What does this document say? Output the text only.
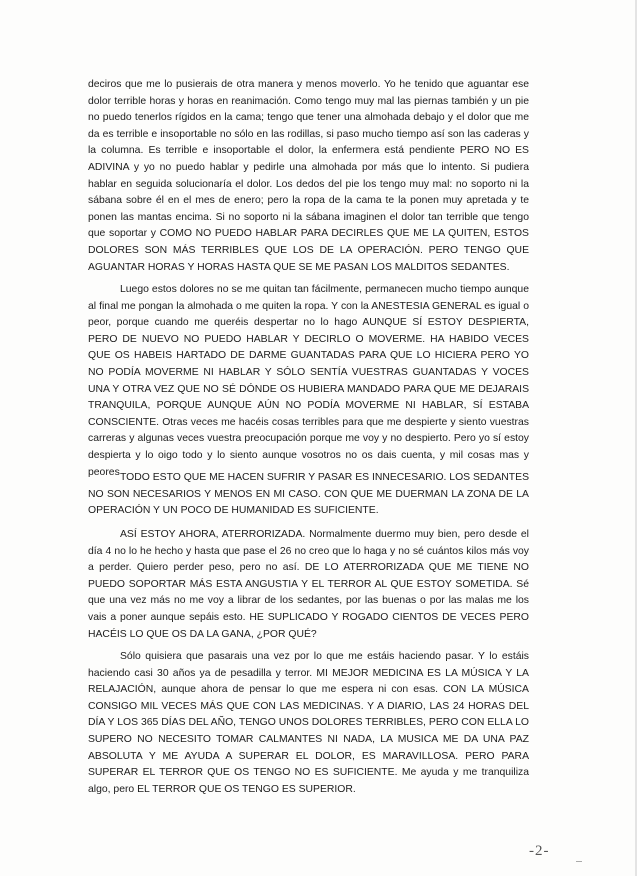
deciros que me lo pusierais de otra manera y menos moverlo. Yo he tenido que aguantar ese dolor terrible horas y horas en reanimación. Como tengo muy mal las piernas también y un pie no puedo tenerlos rígidos en la cama; tengo que tener una almohada debajo y el dolor que me da es terrible e insoportable no sólo en las rodillas, si paso mucho tiempo así son las caderas y la columna. Es terrible e insoportable el dolor, la enfermera está pendiente PERO NO ES ADIVINA y yo no puedo hablar y pedirle una almohada por más que lo intento. Si pudiera hablar en seguida solucionaría el dolor. Los dedos del pie los tengo muy mal: no soporto ni la sábana sobre él en el mes de enero; pero la ropa de la cama te la ponen muy apretada y te ponen las mantas encima. Si no soporto ni la sábana imaginen el dolor tan terrible que tengo que soportar y COMO NO PUEDO HABLAR PARA DECIRLES QUE ME LA QUITEN, ESTOS DOLORES SON MÁS TERRIBLES QUE LOS DE LA OPERACIÓN. PERO TENGO QUE AGUANTAR HORAS Y HORAS HASTA QUE SE ME PASAN LOS MALDITOS SEDANTES.

Luego estos dolores no se me quitan tan fácilmente, permanecen mucho tiempo aunque al final me pongan la almohada o me quiten la ropa. Y con la ANESTESIA GENERAL es igual o peor, porque cuando me queréis despertar no lo hago AUNQUE SÍ ESTOY DESPIERTA, PERO DE NUEVO NO PUEDO HABLAR Y DECIRLO O MOVERME. HA HABIDO VECES QUE OS HABEIS HARTADO DE DARME GUANTADAS PARA QUE LO HICIERA PERO YO NO PODÍA MOVERME NI HABLAR Y SÓLO SENTÍA VUESTRAS GUANTADAS Y VOCES UNA Y OTRA VEZ QUE NO SÉ DÓNDE OS HUBIERA MANDADO PARA QUE ME DEJARAIS TRANQUILA, PORQUE AUNQUE AÚN NO PODÍA MOVERME NI HABLAR, SÍ ESTABA CONSCIENTE. Otras veces me hacéis cosas terribles para que me despierte y siento vuestras carreras y algunas veces vuestra preocupación porque me voy y no despierto. Pero yo sí estoy despierta y lo oigo todo y lo siento aunque vosotros no os dais cuenta, y mil cosas mas y peores TODO ESTO QUE ME HACEN SUFRIR Y PASAR ES INNECESARIO. LOS SEDANTES NO SON NECESARIOS Y MENOS EN MI CASO. CON QUE ME DUERMAN LA ZONA DE LA OPERACIÓN Y UN POCO DE HUMANIDAD ES SUFICIENTE.

ASÍ ESTOY AHORA, ATERRORIZADA. Normalmente duermo muy bien, pero desde el día 4 no lo he hecho y hasta que pase el 26 no creo que lo haga y no sé cuántos kilos más voy a perder. Quiero perder peso, pero no así. DE LO ATERRORIZADA QUE ME TIENE NO PUEDO SOPORTAR MÁS ESTA ANGUSTIA Y EL TERROR AL QUE ESTOY SOMETIDA. Sé que una vez más no me voy a librar de los sedantes, por las buenas o por las malas me los vais a poner aunque sepáis esto. HE SUPLICADO Y ROGADO CIENTOS DE VECES PERO HACÉIS LO QUE OS DA LA GANA, ¿POR QUÉ?

Sólo quisiera que pasarais una vez por lo que me estáis haciendo pasar. Y lo estáis haciendo casi 30 años ya de pesadilla y terror. MI MEJOR MEDICINA ES LA MÚSICA Y LA RELAJACIÓN, aunque ahora de pensar lo que me espera ni con esas. CON LA MÚSICA CONSIGO MIL VECES MÁS QUE CON LAS MEDICINAS. Y A DIARIO, LAS 24 HORAS DEL DÍA Y LOS 365 DÍAS DEL AÑO, TENGO UNOS DOLORES TERRIBLES, PERO CON ELLA LO SUPERO NO NECESITO TOMAR CALMANTES NI NADA, LA MUSICA ME DA UNA PAZ ABSOLUTA Y ME AYUDA A SUPERAR EL DOLOR, ES MARAVILLOSA. PERO PARA SUPERAR EL TERROR QUE OS TENGO NO ES SUFICIENTE. Me ayuda y me tranquiliza algo, pero EL TERROR QUE OS TENGO ES SUPERIOR.

-2-
